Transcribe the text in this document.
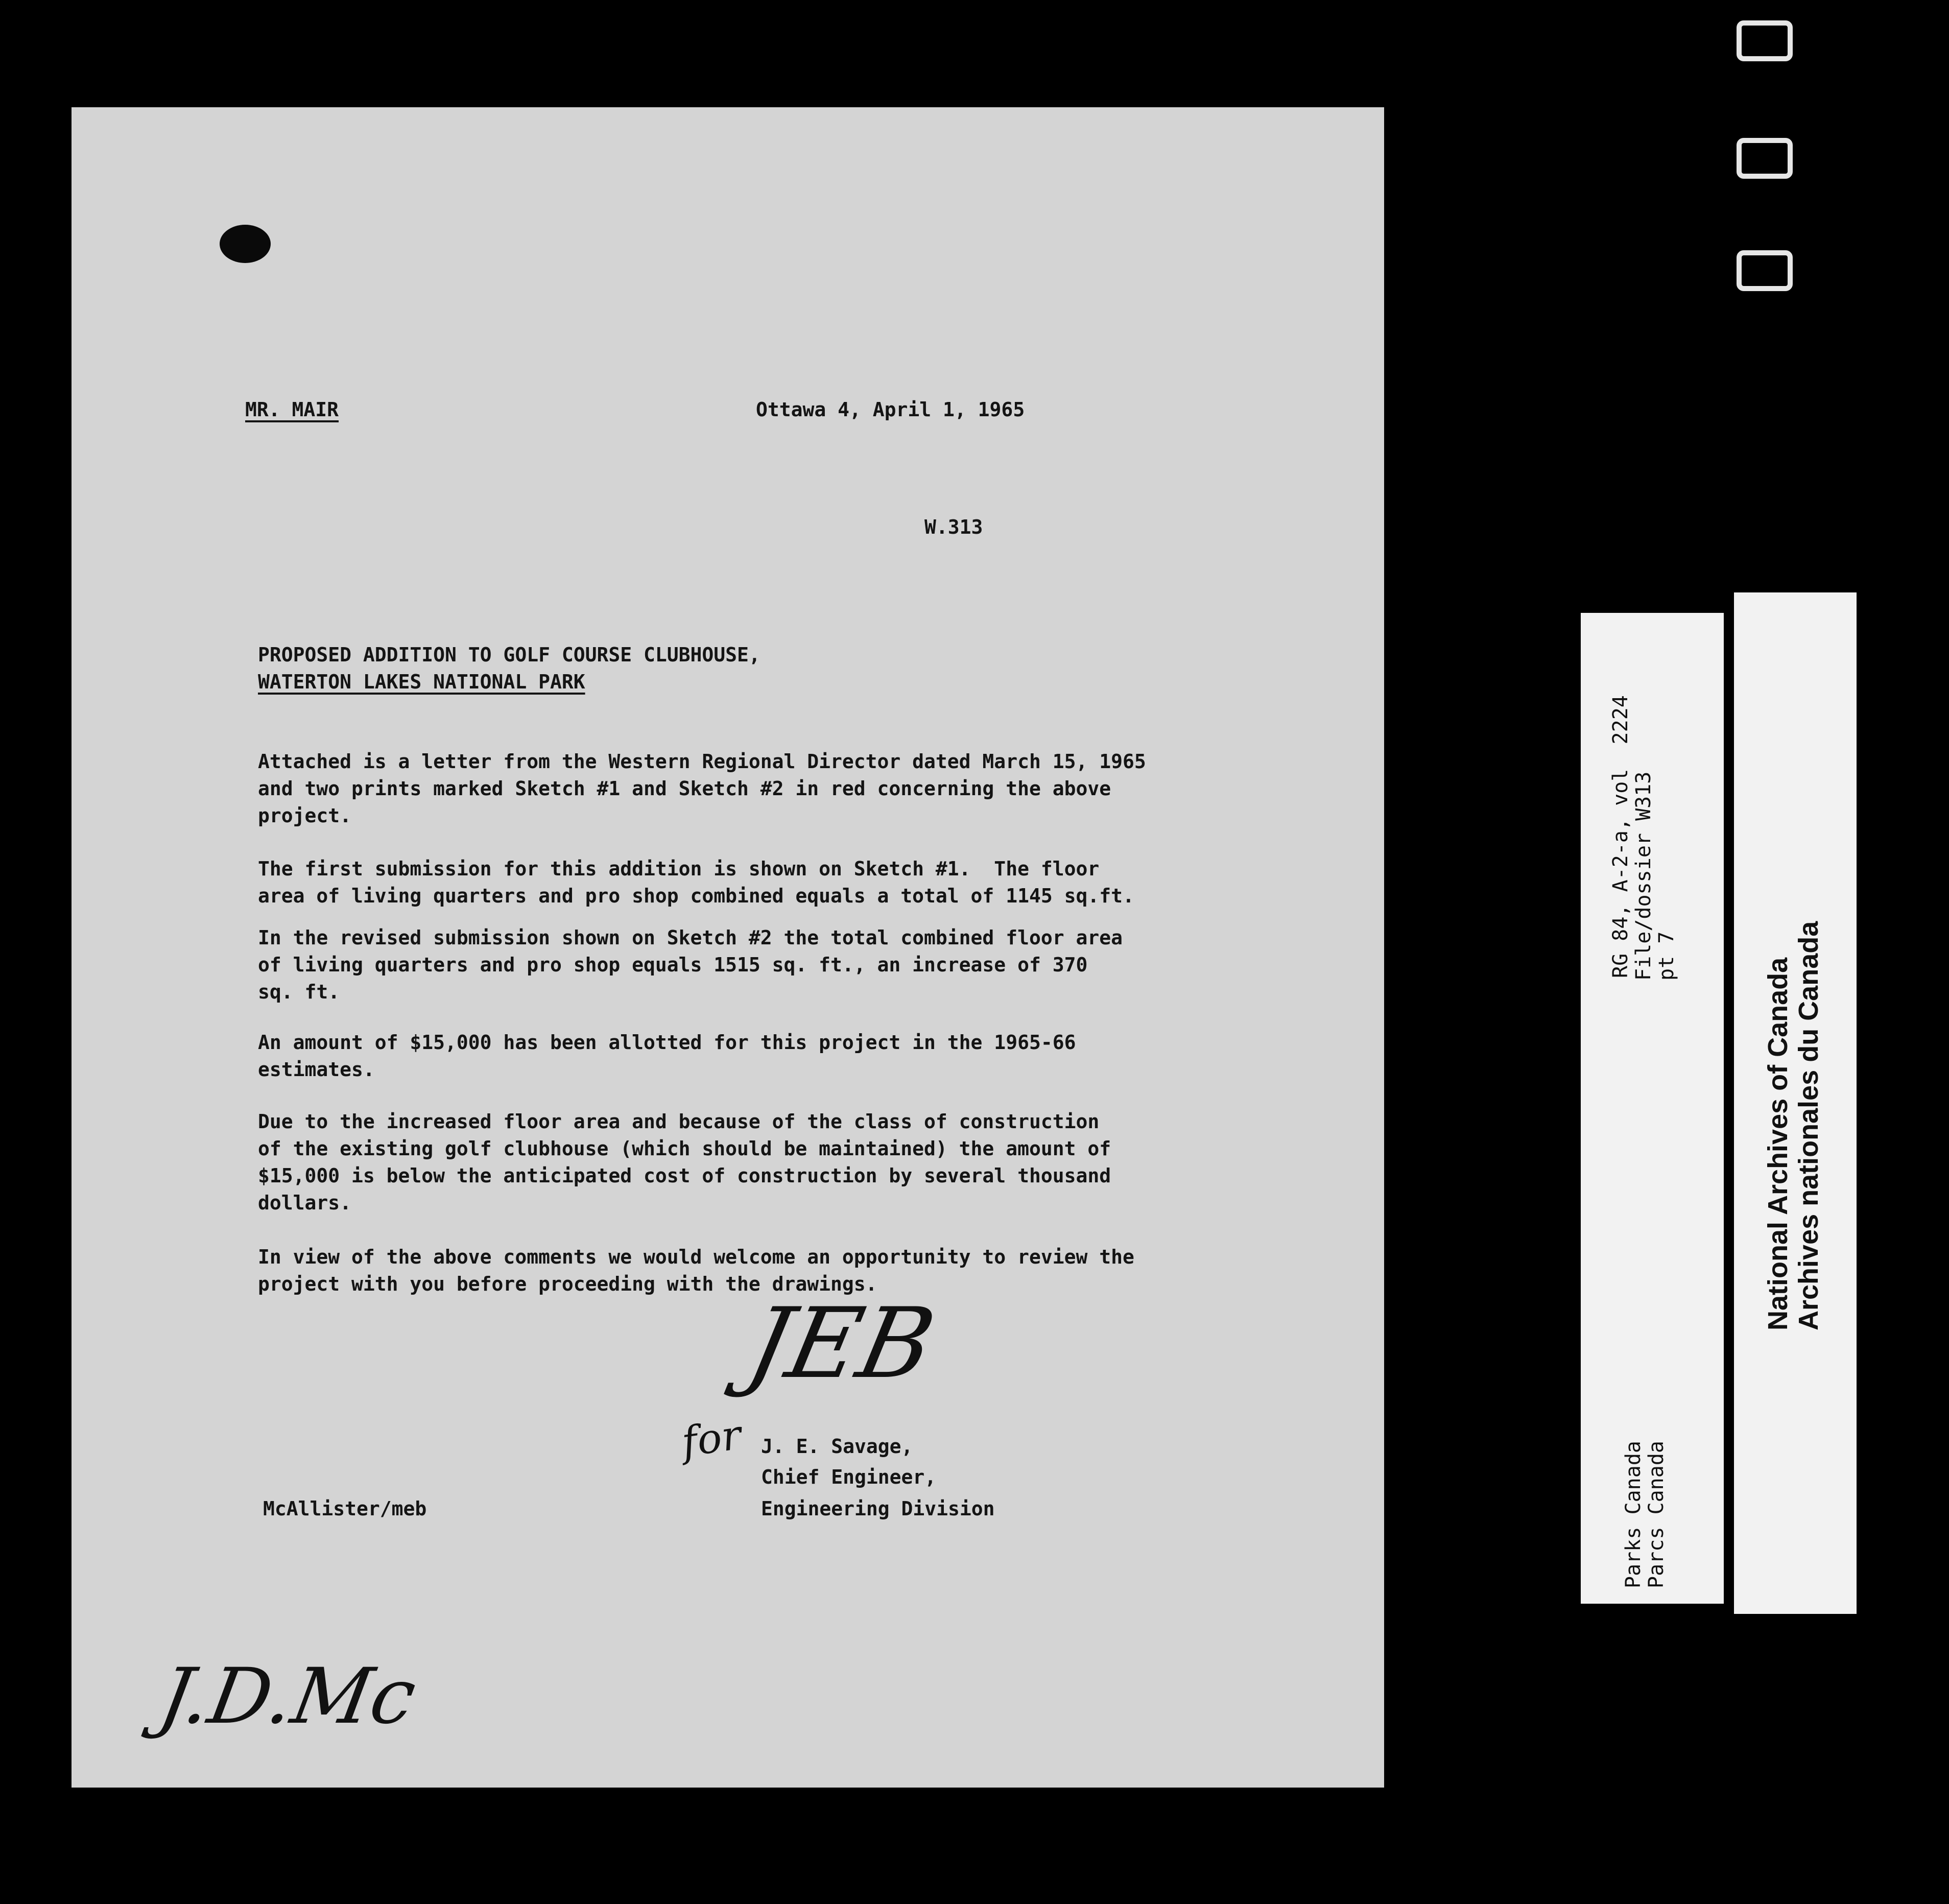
MR. MAIR	Ottawa 4, April 1, 1965
W.313
PROPOSED ADDITION TO GOLF COURSE CLUBHOUSE,
WATERTON LAKES NATIONAL PARK
Attached is a letter from the Western Regional Director dated March 15, 1965
and two prints marked Sketch #1 and Sketch #2 in red concerning the above
project.
The first submission for this addition is shown on Sketch #1.  The floor
area of living quarters and pro shop combined equals a total of 1145 sq.ft.
In the revised submission shown on Sketch #2 the total combined floor area
of living quarters and pro shop equals 1515 sq. ft., an increase of 370
sq. ft.
An amount of $15,000 has been allotted for this project in the 1965-66
estimates.
Due to the increased floor area and because of the class of construction
of the existing golf clubhouse (which should be maintained) the amount of
$15,000 is below the anticipated cost of construction by several thousand
dollars.
In view of the above comments we would welcome an opportunity to review the
project with you before proceeding with the drawings.
JEB
for J. E. Savage,
Chief Engineer,
Engineering Division
McAllister/meb
J.D.Mc
RG 84, A-2-a, vol  2224 File/dossier W313 pt 7
Parks Canada Parcs Canada
National Archives of Canada Archives nationales du Canada
